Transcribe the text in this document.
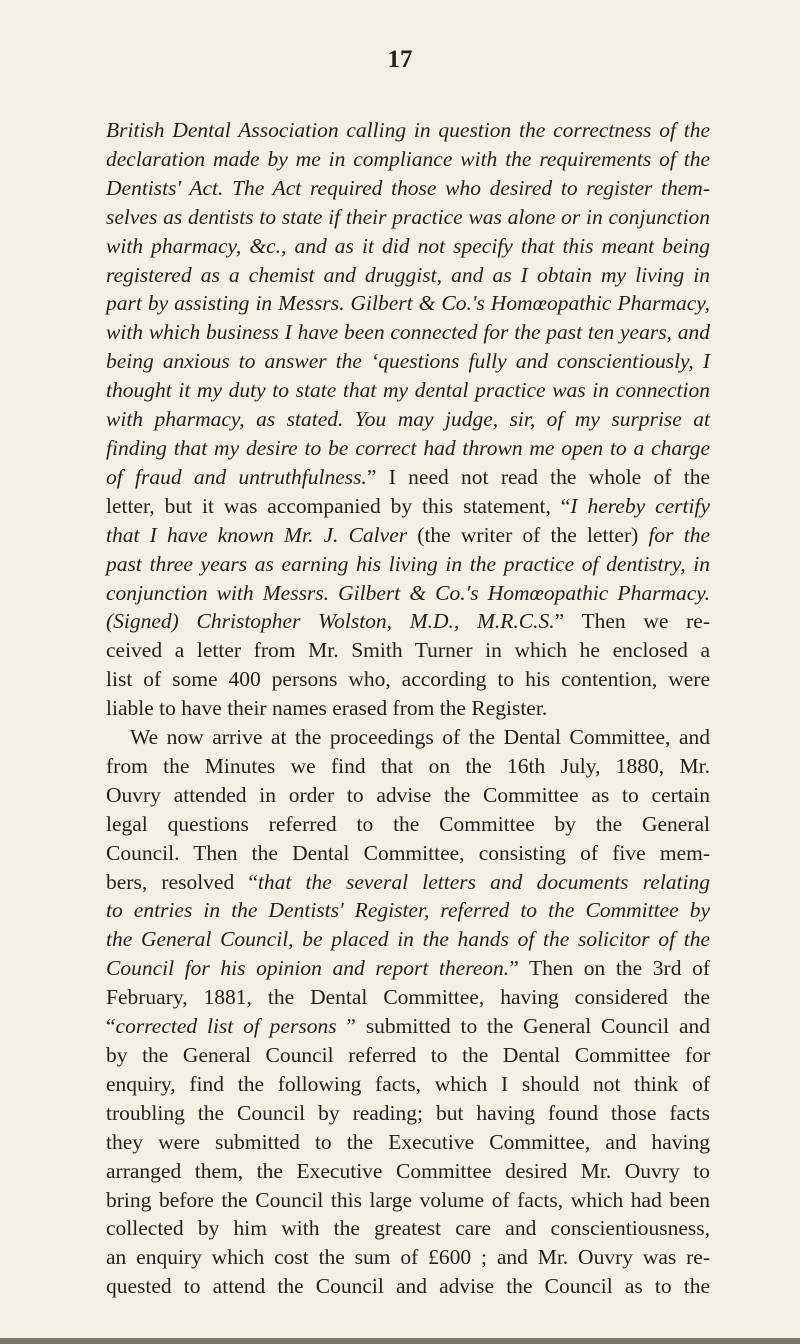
17
British Dental Association calling in question the correctness of the
declaration made by me in compliance with the requirements of the
Dentists' Act. The Act required those who desired to register them-
selves as dentists to state if their practice was alone or in conjunction
with pharmacy, &c., and as it did not specify that this meant being
registered as a chemist and druggist, and as I obtain my living in
part by assisting in Messrs. Gilbert & Co.'s Homœopathic Pharmacy,
with which business I have been connected for the past ten years, and
being anxious to answer the ‘questions fully and conscientiously, I
thought it my duty to state that my dental practice was in connection
with pharmacy, as stated. You may judge, sir, of my surprise at
finding that my desire to be correct had thrown me open to a charge
of fraud and untruthfulness.” I need not read the whole of the
letter, but it was accompanied by this statement, “I hereby certify
that I have known Mr. J. Calver (the writer of the letter) for the
past three years as earning his living in the practice of dentistry, in
conjunction with Messrs. Gilbert & Co.'s Homœopathic Pharmacy.
(Signed) Christopher Wolston, M.D., M.R.C.S.” Then we re-
ceived a letter from Mr. Smith Turner in which he enclosed a
list of some 400 persons who, according to his contention, were
liable to have their names erased from the Register.
We now arrive at the proceedings of the Dental Committee, and
from the Minutes we find that on the 16th July, 1880, Mr.
Ouvry attended in order to advise the Committee as to certain
legal questions referred to the Committee by the General
Council. Then the Dental Committee, consisting of five mem-
bers, resolved “that the several letters and documents relating
to entries in the Dentists' Register, referred to the Committee by
the General Council, be placed in the hands of the solicitor of the
Council for his opinion and report thereon.” Then on the 3rd of
February, 1881, the Dental Committee, having considered the
“corrected list of persons ” submitted to the General Council and
by the General Council referred to the Dental Committee for
enquiry, find the following facts, which I should not think of
troubling the Council by reading; but having found those facts
they were submitted to the Executive Committee, and having
arranged them, the Executive Committee desired Mr. Ouvry to
bring before the Council this large volume of facts, which had been
collected by him with the greatest care and conscientiousness,
an enquiry which cost the sum of £600 ; and Mr. Ouvry was re-
quested to attend the Council and advise the Council as to the
